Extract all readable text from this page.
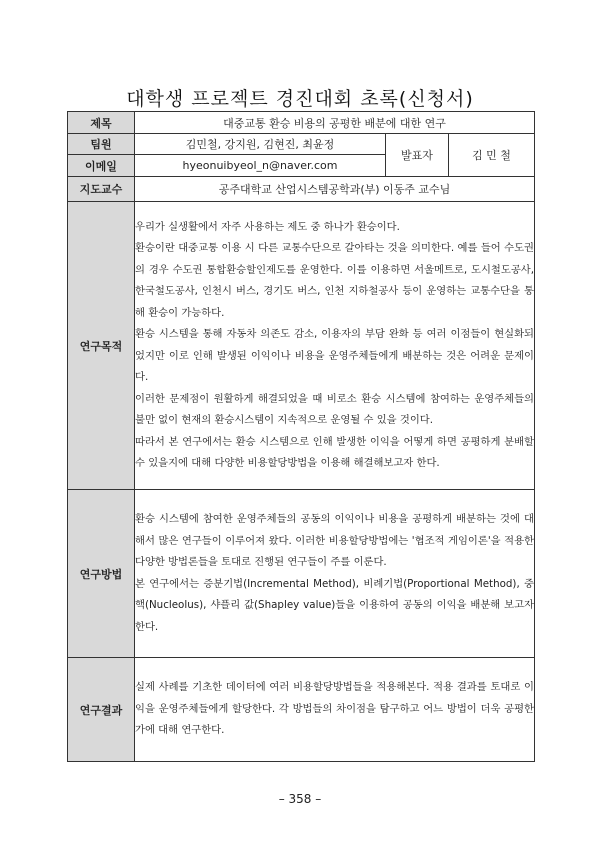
대학생 프로젝트 경진대회 초록(신청서)
제목	대중교통 환승 비용의 공평한 배분에 대한 연구		
팀원	김민철, 강지원, 김현진, 최윤정	발표자	김 민 철
이메일	hyeonuibyeol_n@naver.com		
지도교수	공주대학교 산업시스템공학과(부) 이동주 교수님		
연구목적	우리가 실생활에서 자주 사용하는 제도 중 하나가 환승이다.

환승이란 대중교통 이용 시 다른 교통수단으로 갈아타는 것을 의미한다. 예를 들어 수도권의 경우 수도권 통합환승할인제도를 운영한다. 이를 이용하면 서울메트로, 도시철도공사, 한국철도공사, 인천시 버스, 경기도 버스, 인천 지하철공사 등이 운영하는 교통수단을 통해 환승이 가능하다.

환승 시스템을 통해 자동차 의존도 감소, 이용자의 부담 완화 등 여러 이점들이 현실화되었지만 이로 인해 발생된 이익이나 비용을 운영주체들에게 배분하는 것은 어려운 문제이다.

이러한 문제점이 원활하게 해결되었을 때 비로소 환승 시스템에 참여하는 운영주체들의 불만 없이 현재의 환승시스템이 지속적으로 운영될 수 있을 것이다.

따라서 본 연구에서는 환승 시스템으로 인해 발생한 이익을 어떻게 하면 공평하게 분배할 수 있을지에 대해 다양한 비용할당방법을 이용해 해결해보고자 한다.		

연구방법	환승 시스템에 참여한 운영주체들의 공동의 이익이나 비용을 공평하게 배분하는 것에 대해서 많은 연구들이 이루어져 왔다. 이러한 비용할당방법에는 '협조적 게임이론'을 적용한 다양한 방법론들을 토대로 진행된 연구들이 주를 이룬다.

본 연구에서는 증분기법(Incremental Method), 비례기법(Proportional Method), 중핵(Nucleolus), 샤플리 값(Shapley value)들을 이용하여 공동의 이익을 배분해 보고자 한다.		

연구결과	실제 사례를 기초한 데이터에 여러 비용할당방법들을 적용해본다. 적용 결과를 토대로 이익을 운영주체들에게 할당한다. 각 방법들의 차이점을 탐구하고 어느 방법이 더욱 공평한가에 대해 연구한다.		

– 358 –
